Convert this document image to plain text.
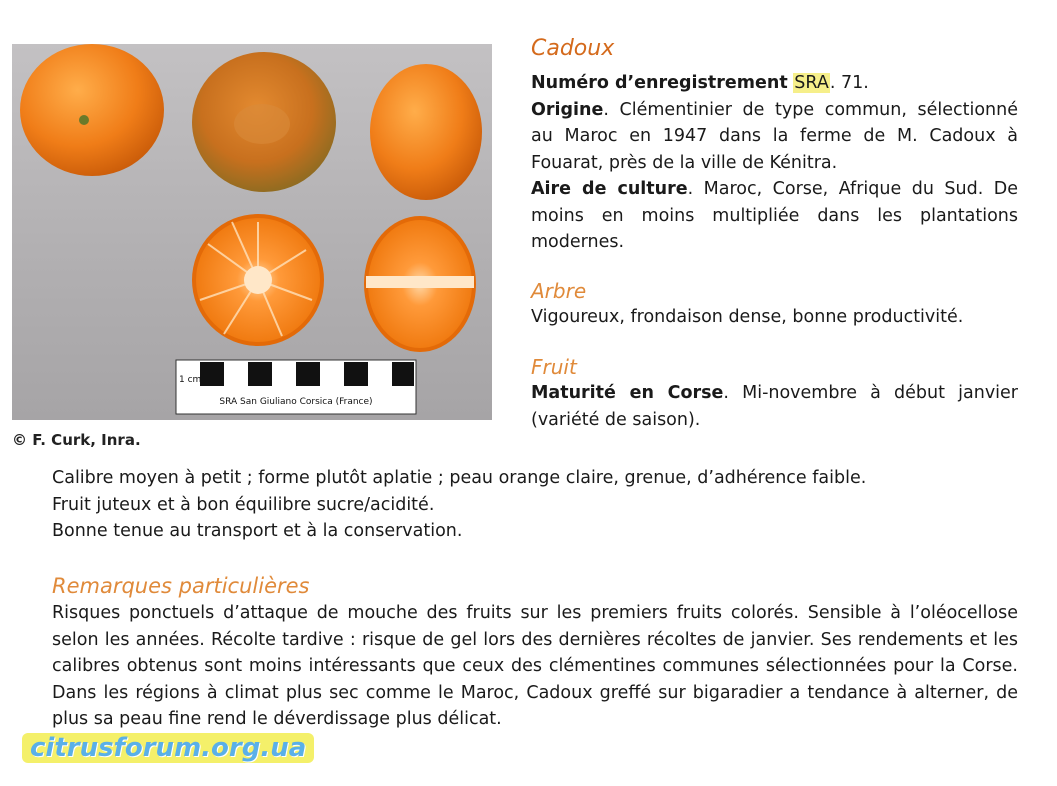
1 cm
SRA San Giuliano Corsica (France)
© F. Curk, Inra.
Cadoux

Numéro d’enregistrement SRA. 71.

Origine. Clémentinier de type commun, sélectionné au Maroc en 1947 dans la ferme de M. Cadoux à Fouarat, près de la ville de Kénitra.

Aire de culture. Maroc, Corse, Afrique du Sud. De moins en moins multipliée dans les plantations modernes.

Arbre

Vigoureux, frondaison dense, bonne productivité.

Fruit

Maturité en Corse. Mi-novembre à début janvier (variété de saison).

Calibre moyen à petit ; forme plutôt aplatie ; peau orange claire, grenue, d’adhérence faible.

Fruit juteux et à bon équilibre sucre/acidité.

Bonne tenue au transport et à la conservation.

Remarques particulières

Risques ponctuels d’attaque de mouche des fruits sur les premiers fruits colorés. Sensible à l’oléocellose selon les années. Récolte tardive : risque de gel lors des dernières récoltes de janvier. Ses rendements et les calibres obtenus sont moins intéressants que ceux des clémentines communes sélectionnées pour la Corse. Dans les régions à climat plus sec comme le Maroc, Cadoux greffé sur bigaradier a tendance à alterner, de plus sa peau fine rend le déverdissage plus délicat.

citrusforum.org.ua
